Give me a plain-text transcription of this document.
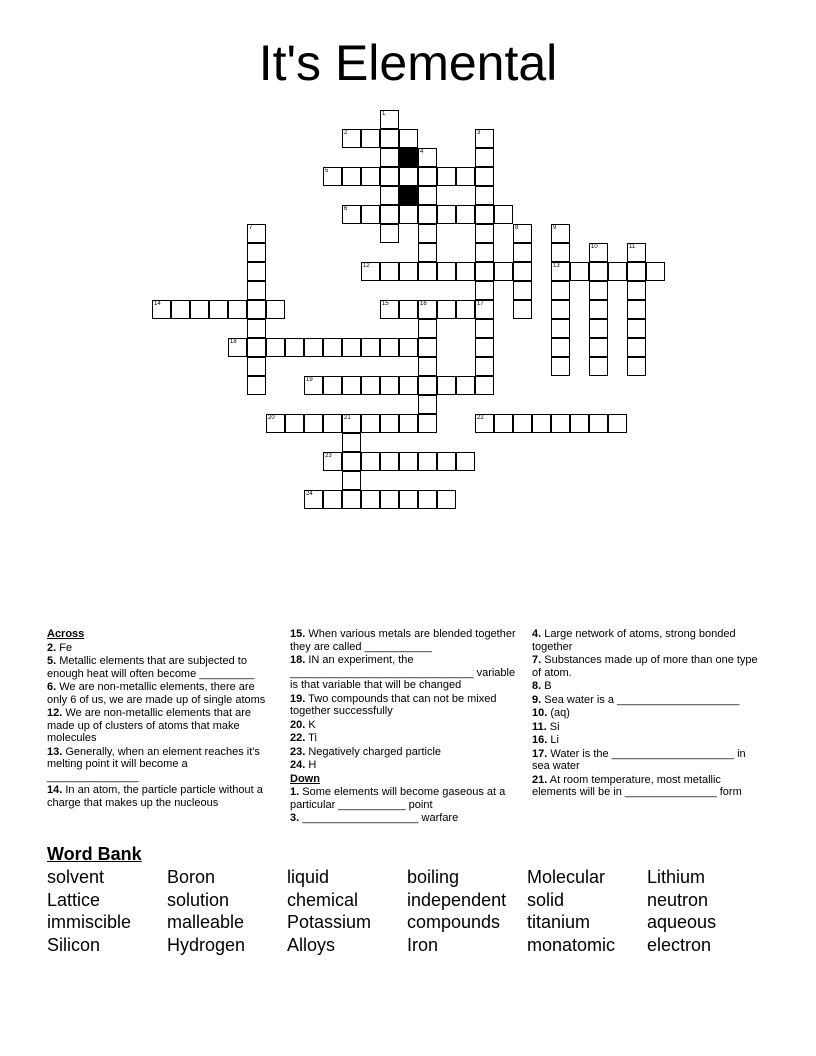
It's Elemental
1
2	3
17
4
5
6
7	8	9
13
10	11
12
14	15	16
18
19
20	21	22
23
24
Across
2. Fe
5. Metallic elements that are subjected to enough heat will often become _________
6. We are non-metallic elements, there are only 6 of us, we are made up of single atoms
12. We are non-metallic elements that are made up of clusters of atoms that make molecules
13. Generally, when an element reaches it's melting point it will become a _______________
14. In an atom, the particle particle without a charge that makes up the nucleous
15. When various metals are blended together they are called ___________
18. IN an experiment, the ______________________________ variable is that variable that will be changed
19. Two compounds that can not be mixed together successfully
20. K
22. Ti
23. Negatively charged particle
24. H
Down
1. Some elements will become gaseous at a particular ___________ point
3. ___________________ warfare
4. Large network of atoms, strong bonded together
7. Substances made up of more than one type of atom.
8. B
9. Sea water is a ____________________
10. (aq)
11. Si
16. Li
17. Water is the ____________________ in sea water
21. At room temperature, most metallic elements will be in _______________ form
Word Bank
solvent	Boron	liquid	boiling	Molecular	Lithium
Lattice	solution	chemical	independent	solid	neutron
immiscible	malleable	Potassium	compounds	titanium	aqueous
Silicon	Hydrogen	Alloys	Iron	monatomic	electron
